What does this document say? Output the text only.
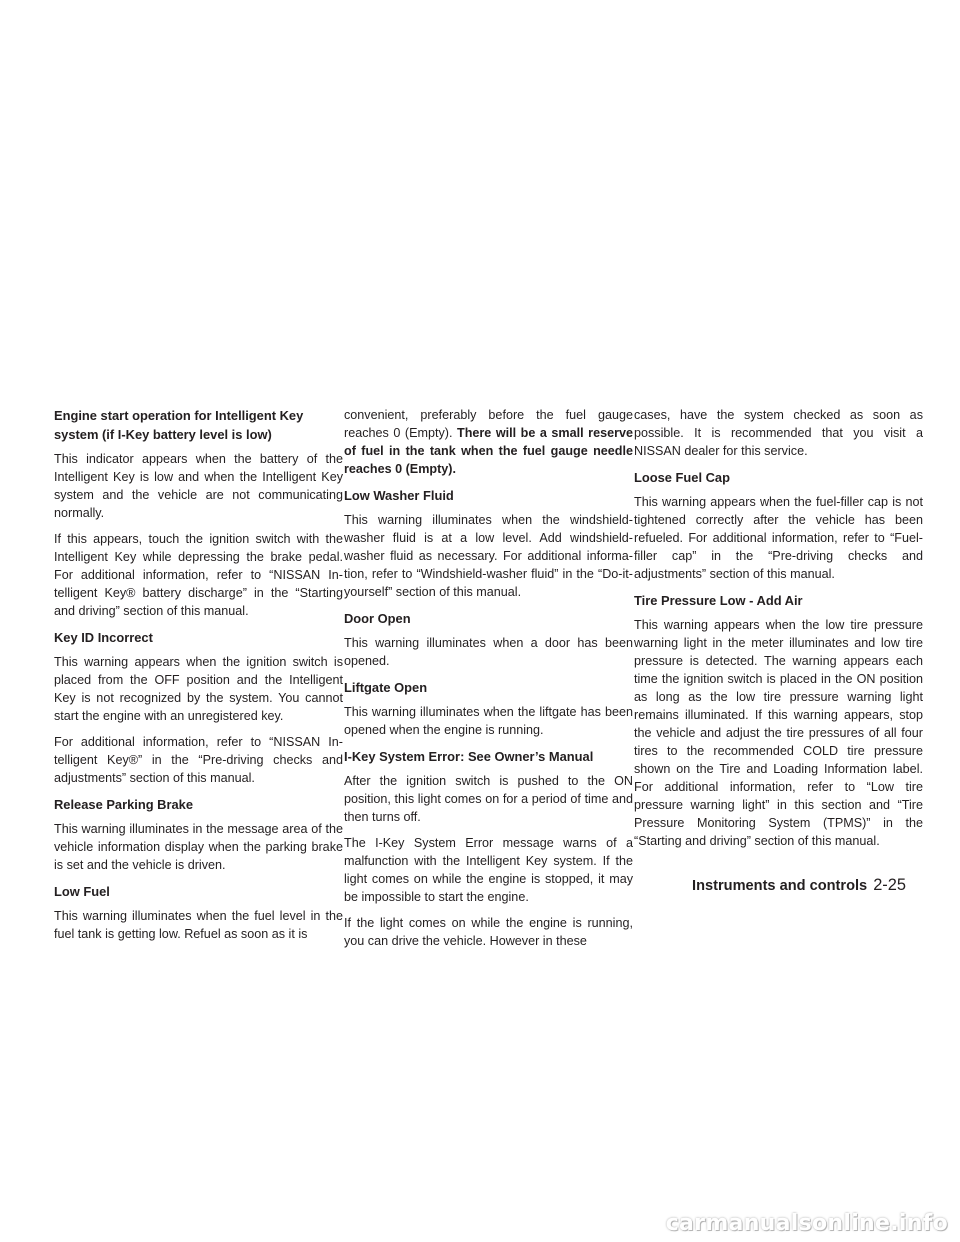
Engine start operation for Intelligent Key system (if I-Key battery level is low)

This indicator appears when the battery of the Intelligent Key is low and when the Intelligent Key system and the vehicle are not communicating normally.

If this appears, touch the ignition switch with the Intelligent Key while depressing the brake pedal. For additional information, refer to “NISSAN Intelligent Key® battery discharge” in the “Starting and driving” section of this manual.

Key ID Incorrect

This warning appears when the ignition switch is placed from the OFF position and the Intelligent Key is not recognized by the system. You cannot start the engine with an unregistered key.

For additional information, refer to “NISSAN Intelligent Key®” in the “Pre-driving checks and adjustments” section of this manual.

Release Parking Brake

This warning illuminates in the message area of the vehicle information display when the parking brake is set and the vehicle is driven.

Low Fuel

This warning illuminates when the fuel level in the fuel tank is getting low. Refuel as soon as it is

convenient, preferably before the fuel gauge reaches 0 (Empty). There will be a small reserve of fuel in the tank when the fuel gauge needle reaches 0 (Empty).

Low Washer Fluid

This warning illuminates when the windshield-washer fluid is at a low level. Add windshield-washer fluid as necessary. For additional information, refer to “Windshield-washer fluid” in the “Do-it-yourself” section of this manual.

Door Open

This warning illuminates when a door has been opened.

Liftgate Open

This warning illuminates when the liftgate has been opened when the engine is running.

I-Key System Error: See Owner’s Manual

After the ignition switch is pushed to the ON position, this light comes on for a period of time and then turns off.

The I-Key System Error message warns of a malfunction with the Intelligent Key system. If the light comes on while the engine is stopped, it may be impossible to start the engine.

If the light comes on while the engine is running, you can drive the vehicle. However in these

cases, have the system checked as soon as possible. It is recommended that you visit a NISSAN dealer for this service.

Loose Fuel Cap

This warning appears when the fuel-filler cap is not tightened correctly after the vehicle has been refueled. For additional information, refer to “Fuel-filler cap” in the “Pre-driving checks and adjustments” section of this manual.

Tire Pressure Low - Add Air

This warning appears when the low tire pressure warning light in the meter illuminates and low tire pressure is detected. The warning appears each time the ignition switch is placed in the ON position as long as the low tire pressure warning light remains illuminated. If this warning appears, stop the vehicle and adjust the tire pressures of all four tires to the recommended COLD tire pressure shown on the Tire and Loading Information label. For additional information, refer to “Low tire pressure warning light” in this section and “Tire Pressure Monitoring System (TPMS)” in the “Starting and driving” section of this manual.

Instruments and controls 2-25
carmanualsonline.info
